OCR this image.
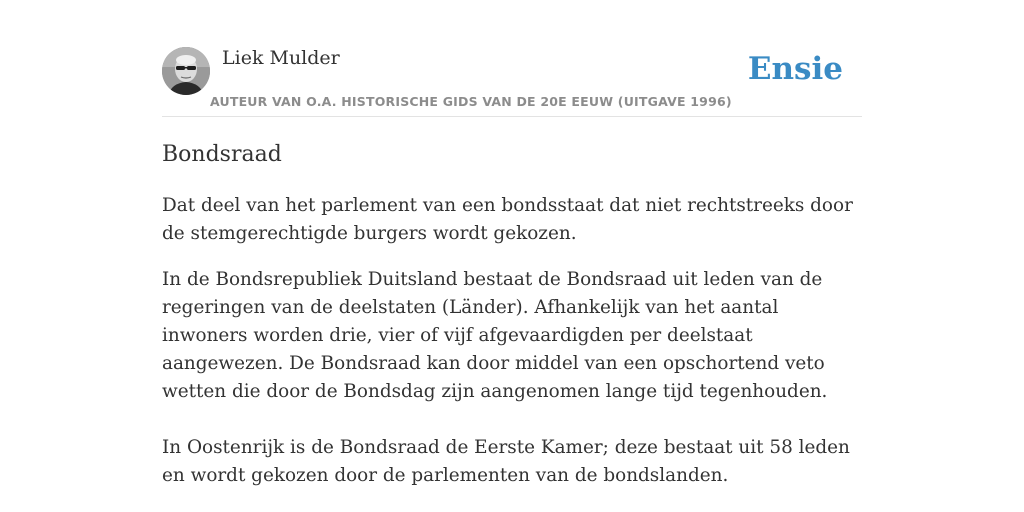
Liek Mulder
AUTEUR VAN O.A. HISTORISCHE GIDS VAN DE 20E EEUW (UITGAVE 1996)
Ensie
Bondsraad

Dat deel van het parlement van een bondsstaat dat niet rechtstreeks door de stemgerechtigde burgers wordt gekozen.

In de Bondsrepubliek Duitsland bestaat de Bondsraad uit leden van de regeringen van de deelstaten (Länder). Afhankelijk van het aantal inwoners worden drie, vier of vijf afgevaardigden per deelstaat aangewezen. De Bondsraad kan door middel van een opschortend veto wetten die door de Bondsdag zijn aangenomen lange tijd tegenhouden.

In Oostenrijk is de Bondsraad de Eerste Kamer; deze bestaat uit 58 leden en wordt gekozen door de parlementen van de bondslanden.
